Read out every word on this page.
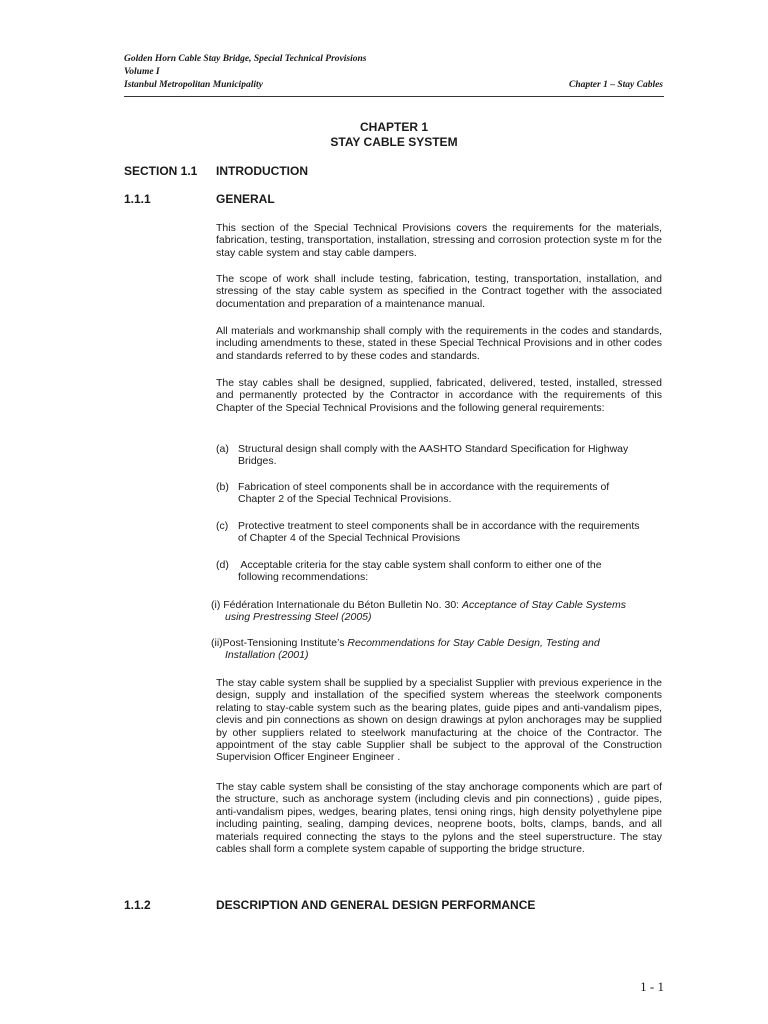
Golden Horn Cable Stay Bridge, Special Technical Provisions
Volume I
Istanbul Metropolitan Municipality	Chapter 1 – Stay Cables
CHAPTER 1
STAY CABLE SYSTEM
SECTION 1.1 INTRODUCTION
1.1.1	GENERAL

This section of the Special Technical Provisions covers the requirements for the materials, fabrication, testing, transportation, installation, stressing and corrosion protection syste m for the stay cable system and stay cable dampers.

The scope of work shall include testing, fabrication, testing, transportation, installation, and stressing of the stay cable system as specified in the Contract together with the associated documentation and preparation of a maintenance manual.

All materials and workmanship shall comply with the requirements in the codes and standards, including amendments to these, stated in these Special Technical Provisions and in other codes and standards referred to by these codes and standards.

The stay cables shall be designed, supplied, fabricated, delivered, tested, installed, stressed and permanently protected by the Contractor in accordance with the requirements of this Chapter of the Special Technical Provisions and the following general requirements:

(a) Structural design shall comply with the AASHTO Standard Specification for Highway
Bridges.
(b) Fabrication of steel components shall be in accordance with the requirements of
Chapter 2 of the Special Technical Provisions.
(c) Protective treatment to steel components shall be in accordance with the requirements
of Chapter 4 of the Special Technical Provisions
(d) Acceptable criteria for the stay cable system shall conform to either one of the
following recommendations:
(i) Fédération Internationale du Béton Bulletin No. 30: Acceptance of Stay Cable Systems
using Prestressing Steel (2005)
(ii)Post-Tensioning Institute’s Recommendations for Stay Cable Design, Testing and
Installation (2001)

The stay cable system shall be supplied by a specialist Supplier with previous experience in the design, supply and installation of the specified system whereas the steelwork components relating to stay-cable system such as the bearing plates, guide pipes and anti-vandalism pipes, clevis and pin connections as shown on design drawings at pylon anchorages may be supplied by other suppliers related to steelwork manufacturing at the choice of the Contractor. The appointment of the stay cable Supplier shall be subject to the approval of the Construction Supervision Officer Engineer Engineer .

The stay cable system shall be consisting of the stay anchorage components which are part of the structure, such as anchorage system (including clevis and pin connections) , guide pipes, anti-vandalism pipes, wedges, bearing plates, tensi oning rings, high density polyethylene pipe including painting, sealing, damping devices, neoprene boots, bolts, clamps, bands, and all materials required connecting the stays to the pylons and the steel superstructure. The stay cables shall form a complete system capable of supporting the bridge structure.

1.1.2	DESCRIPTION AND GENERAL DESIGN PERFORMANCE
1 - 1
